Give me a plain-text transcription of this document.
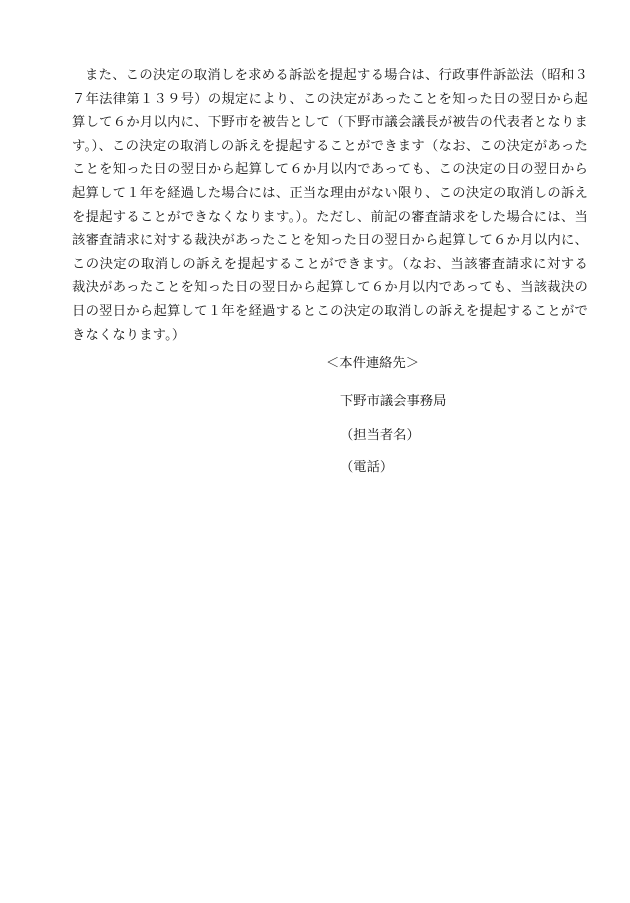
また、この決定の取消しを求める訴訟を提起する場合は、行政事件訴訟法（昭和３７年法律第１３９号）の規定により、この決定があったことを知った日の翌日から起算して６か月以内に、下野市を被告として（下野市議会議長が被告の代表者となります。）、この決定の取消しの訴えを提起することができます（なお、この決定があったことを知った日の翌日から起算して６か月以内であっても、この決定の日の翌日から起算して１年を経過した場合には、正当な理由がない限り、この決定の取消しの訴えを提起することができなくなります。）。ただし、前記の審査請求をした場合には、当該審査請求に対する裁決があったことを知った日の翌日から起算して６か月以内に、この決定の取消しの訴えを提起することができます。（なお、当該審査請求に対する裁決があったことを知った日の翌日から起算して６か月以内であっても、当該裁決の日の翌日から起算して１年を経過するとこの決定の取消しの訴えを提起することができなくなります。）

＜本件連絡先＞
下野市議会事務局
（担当者名）
（電話）
